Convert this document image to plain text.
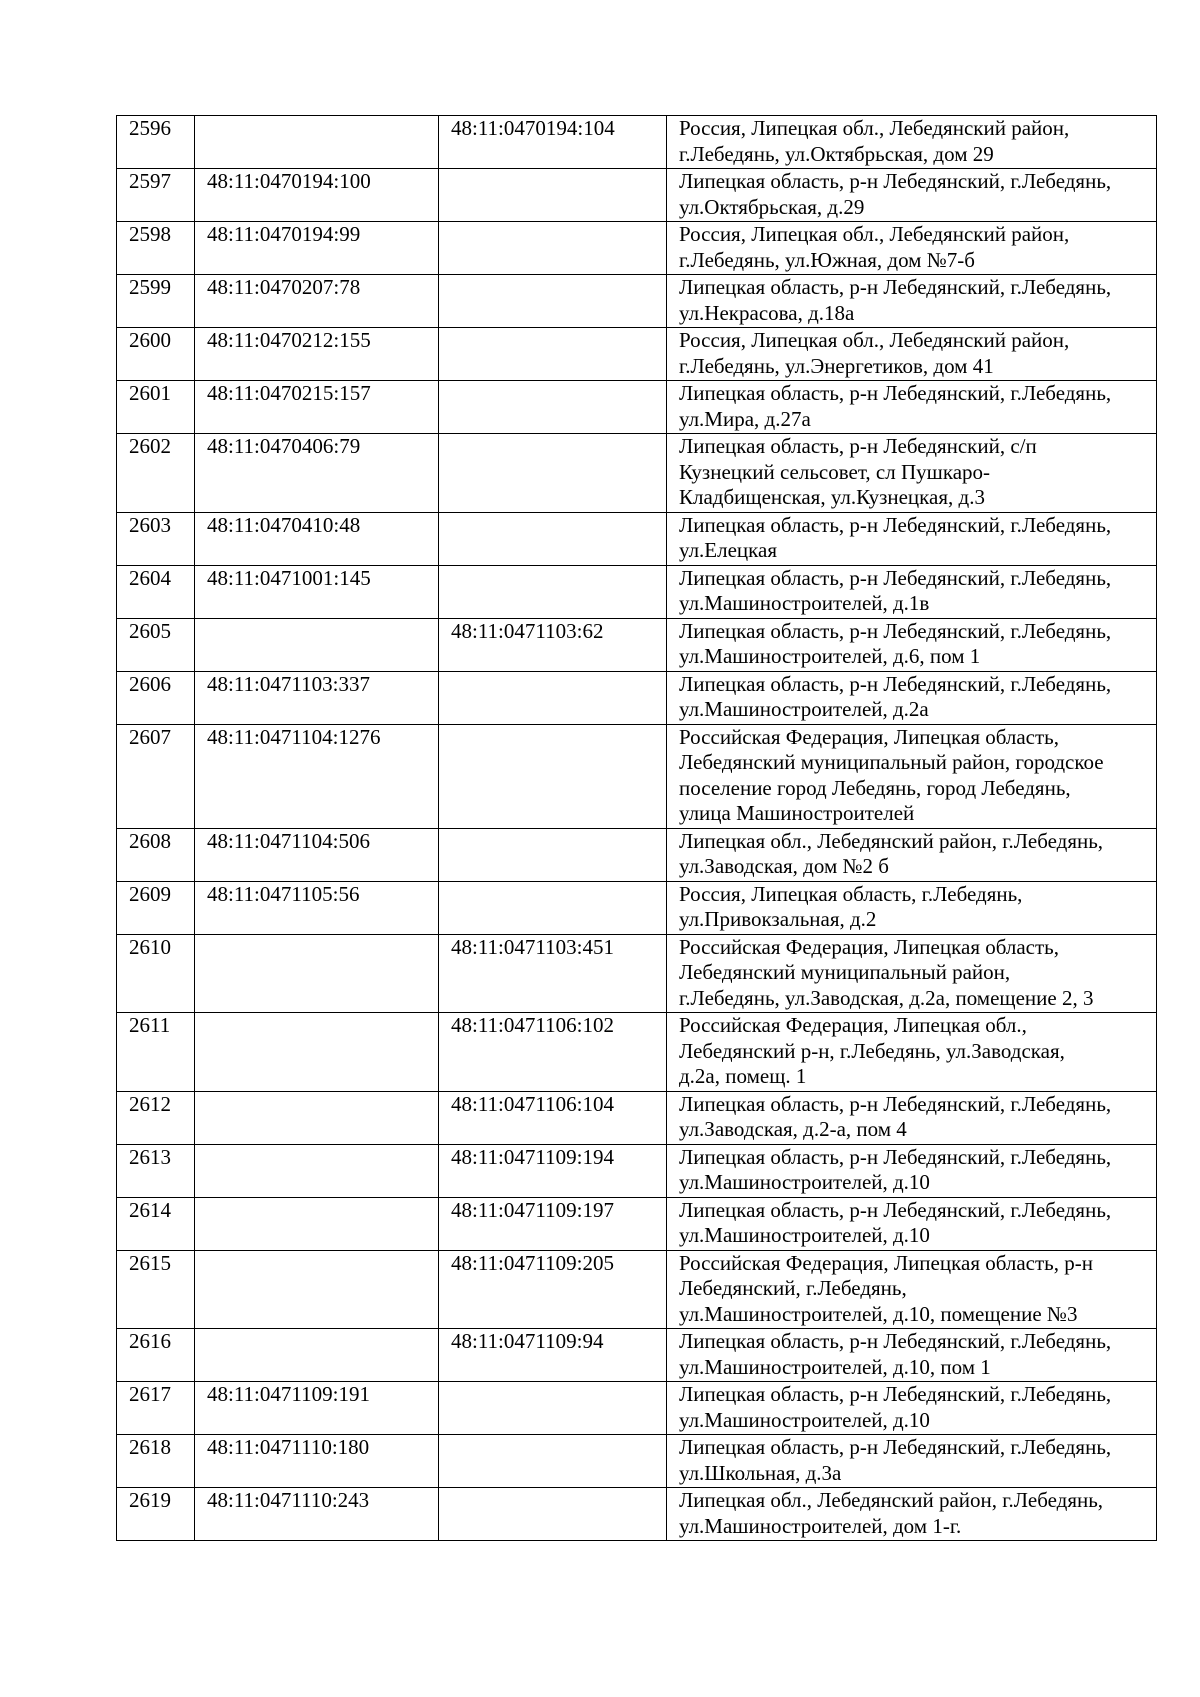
2596		48:11:0470194:104	Россия, Липецкая обл., Лебедянский район,
г.Лебедянь, ул.Октябрьская, дом 29

2597	48:11:0470194:100		Липецкая область, р-н Лебедянский, г.Лебедянь,
ул.Октябрьская, д.29

2598	48:11:0470194:99		Россия, Липецкая обл., Лебедянский район,
г.Лебедянь, ул.Южная, дом №7-б

2599	48:11:0470207:78		Липецкая область, р-н Лебедянский, г.Лебедянь,
ул.Некрасова, д.18а

2600	48:11:0470212:155		Россия, Липецкая обл., Лебедянский район,
г.Лебедянь, ул.Энергетиков, дом 41

2601	48:11:0470215:157		Липецкая область, р-н Лебедянский, г.Лебедянь,
ул.Мира, д.27а

2602	48:11:0470406:79		Липецкая область, р-н Лебедянский, с/п
Кузнецкий сельсовет, сл Пушкаро-
Кладбищенская, ул.Кузнецкая, д.3

2603	48:11:0470410:48		Липецкая область, р-н Лебедянский, г.Лебедянь,
ул.Елецкая

2604	48:11:0471001:145		Липецкая область, р-н Лебедянский, г.Лебедянь,
ул.Машиностроителей, д.1в

2605		48:11:0471103:62	Липецкая область, р-н Лебедянский, г.Лебедянь,
ул.Машиностроителей, д.6, пом 1

2606	48:11:0471103:337		Липецкая область, р-н Лебедянский, г.Лебедянь,
ул.Машиностроителей, д.2а

2607	48:11:0471104:1276		Российская Федерация, Липецкая область,
Лебедянский муниципальный район, городское
поселение город Лебедянь, город Лебедянь,
улица Машиностроителей

2608	48:11:0471104:506		Липецкая обл., Лебедянский район, г.Лебедянь,
ул.Заводская, дом №2 б

2609	48:11:0471105:56		Россия, Липецкая область, г.Лебедянь,
ул.Привокзальная, д.2

2610		48:11:0471103:451	Российская Федерация, Липецкая область,
Лебедянский муниципальный район,
г.Лебедянь, ул.Заводская, д.2а, помещение 2, 3

2611		48:11:0471106:102	Российская Федерация, Липецкая обл.,
Лебедянский р-н, г.Лебедянь, ул.Заводская,
д.2а, помещ. 1

2612		48:11:0471106:104	Липецкая область, р-н Лебедянский, г.Лебедянь,
ул.Заводская, д.2-а, пом 4

2613		48:11:0471109:194	Липецкая область, р-н Лебедянский, г.Лебедянь,
ул.Машиностроителей, д.10

2614		48:11:0471109:197	Липецкая область, р-н Лебедянский, г.Лебедянь,
ул.Машиностроителей, д.10

2615		48:11:0471109:205	Российская Федерация, Липецкая область, р-н
Лебедянский, г.Лебедянь,
ул.Машиностроителей, д.10, помещение №3

2616		48:11:0471109:94	Липецкая область, р-н Лебедянский, г.Лебедянь,
ул.Машиностроителей, д.10, пом 1

2617	48:11:0471109:191		Липецкая область, р-н Лебедянский, г.Лебедянь,
ул.Машиностроителей, д.10

2618	48:11:0471110:180		Липецкая область, р-н Лебедянский, г.Лебедянь,
ул.Школьная, д.3а

2619	48:11:0471110:243		Липецкая обл., Лебедянский район, г.Лебедянь,
ул.Машиностроителей, дом 1-г.
